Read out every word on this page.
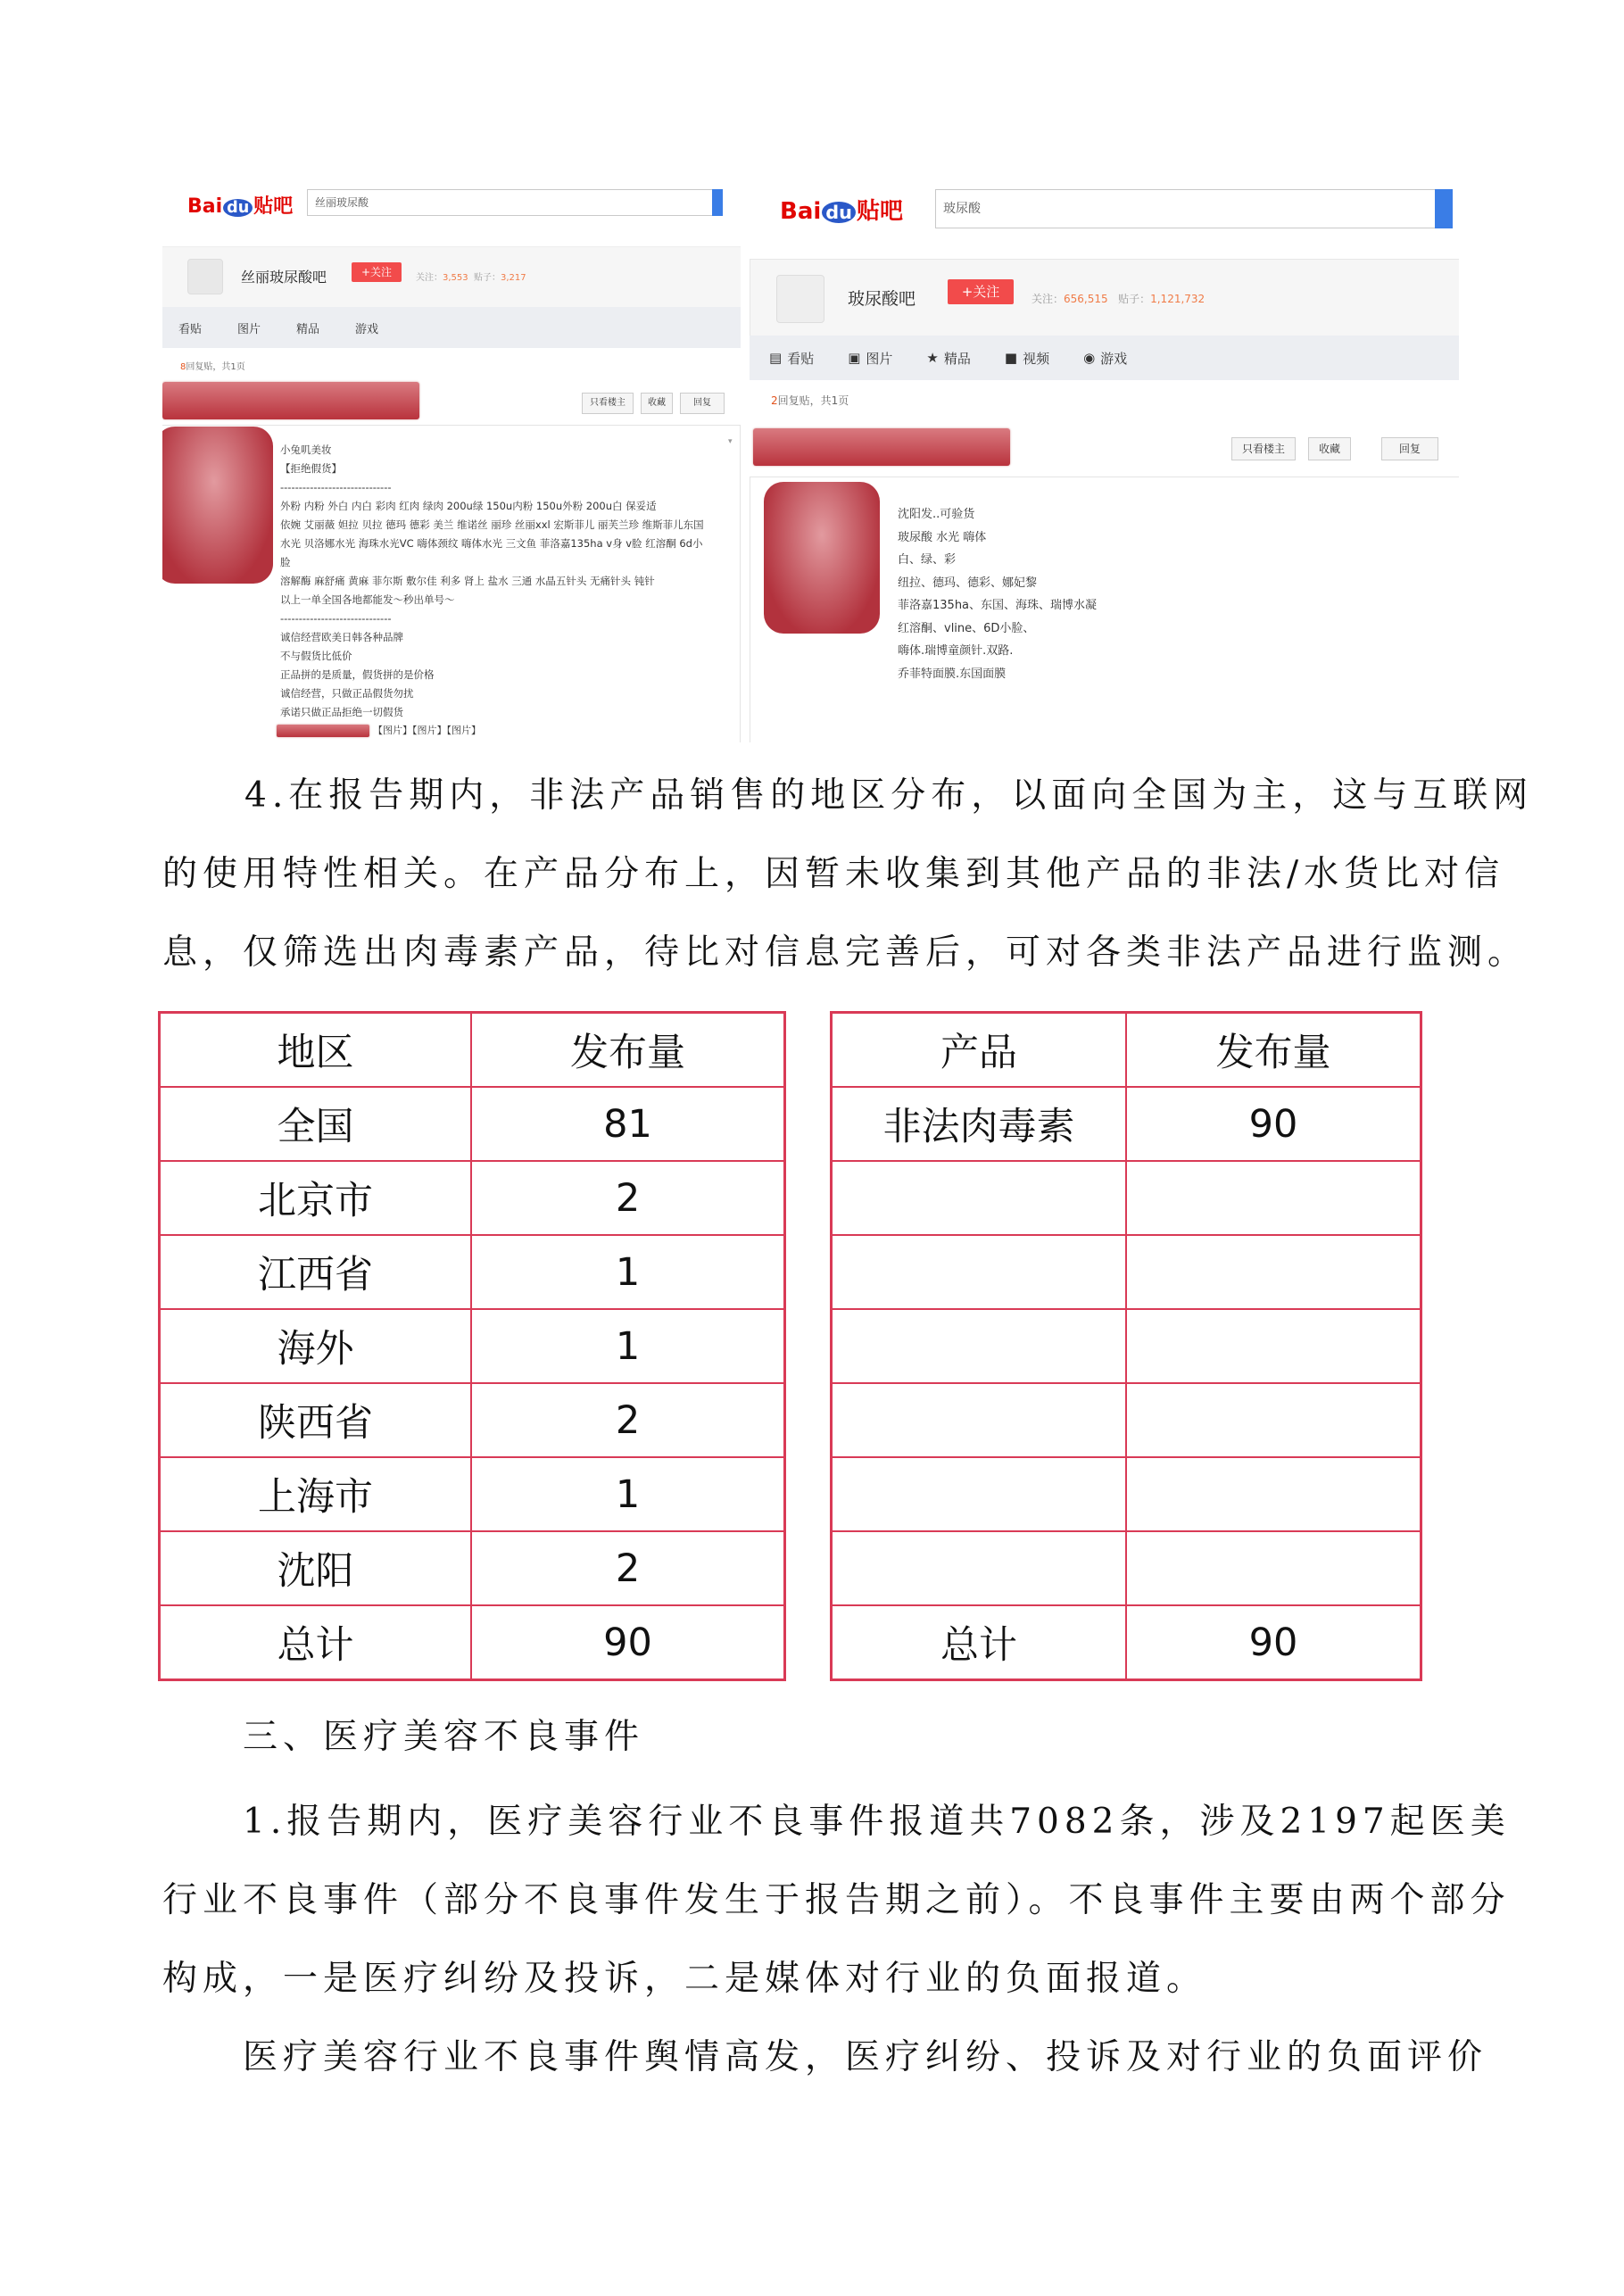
Bai du 贴吧	丝丽玻尿酸
丝丽玻尿酸吧	+关注	关注：3,553 贴子：3,217
看贴	图片	精品	游戏
8回复贴，共1页
只看楼主	收藏	回复
▾
小兔叽美妆
【拒绝假货】
------------------------------
外粉 内粉 外白 内白 彩肉 红肉 绿肉 200u绿 150u内粉 150u外粉 200u白 保妥适
依婉 艾丽薇 妲拉 贝拉 德玛 德彩 美兰 维诺丝 丽珍 丝丽xxl 宏斯菲儿 丽芙兰珍 维斯菲儿东国
水光 贝洛娜水光 海珠水光VC 嗨体颈纹 嗨体水光 三文鱼 菲洛嘉135ha v身 v脸 红溶酮 6d小
脸
溶解酶 麻舒痛 黄麻 菲尔斯 敷尔佳 利多 肾上 盐水 三通 水晶五针头 无痛针头 钝针
以上一单全国各地都能发～秒出单号～
------------------------------
诚信经营欧美日韩各种品牌
不与假货比低价
正品拼的是质量，假货拼的是价格
诚信经营，只做正品假货勿扰
承诺只做正品拒绝一切假货
【图片】【图片】【图片】
Bai du 贴吧	玻尿酸
玻尿酸吧	+关注	关注：656,515 贴子：1,121,732
▤ 看贴	▣ 图片	★ 精品	■ 视频	◉ 游戏
2回复贴，共1页
只看楼主	收藏	回复
沈阳发..可验货
玻尿酸 水光 嗨体
白、绿、彩
纽拉、德玛、德彩、娜妃黎
菲洛嘉135ha、东国、海珠、瑞博水凝
红溶酮、vline、6D小脸、
嗨体.瑞博童颜针.双路.
乔菲特面膜.东国面膜
4.在报告期内，非法产品销售的地区分布，以面向全国为主，这与互联网
的使用特性相关。在产品分布上，因暂未收集到其他产品的非法/水货比对信
息，仅筛选出肉毒素产品，待比对信息完善后，可对各类非法产品进行监测。
地区	发布量
全国	81
北京市	2
江西省	1
海外	1
陕西省	2
上海市	1
沈阳	2
总计	90
产品	发布量
非法肉毒素	90

总计	90
三、医疗美容不良事件
1.报告期内，医疗美容行业不良事件报道共7082条，涉及2197起医美
行业不良事件（部分不良事件发生于报告期之前）。不良事件主要由两个部分
构成，一是医疗纠纷及投诉，二是媒体对行业的负面报道。
医疗美容行业不良事件舆情高发，医疗纠纷、投诉及对行业的负面评价
